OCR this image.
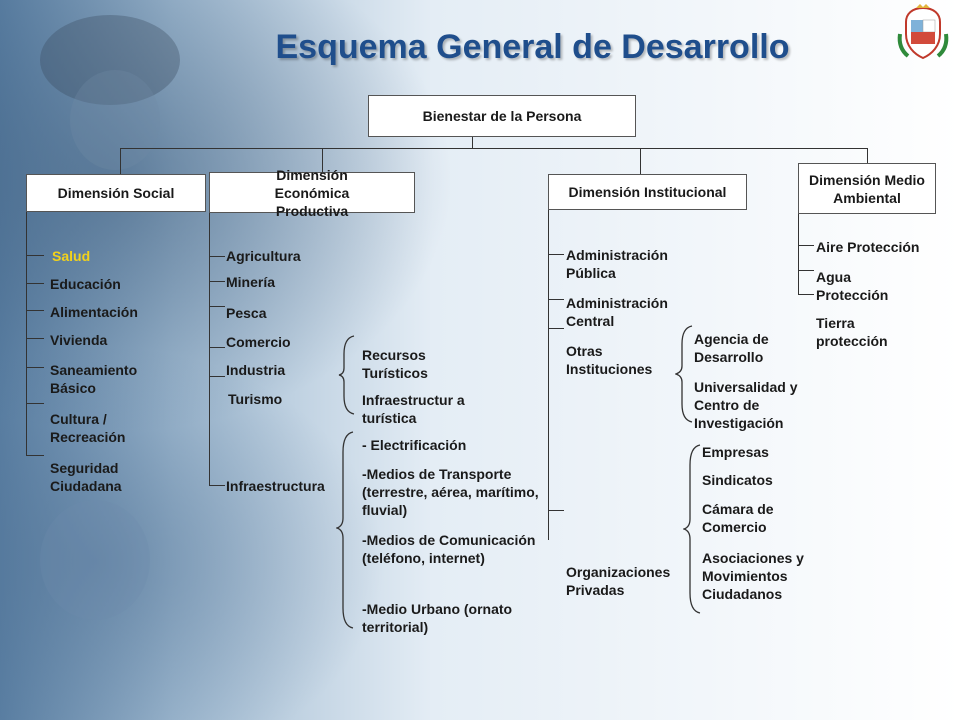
Esquema General de Desarrollo
Bienestar de la Persona
Dimensión Social
Dimensión Económica Productiva
Dimensión Institucional
Dimensión Medio Ambiental
Salud
Educación
Alimentación
Vivienda
Saneamiento Básico
Cultura / Recreación
Seguridad Ciudadana
Agricultura
Minería
Pesca
Comercio
Industria
Turismo
Infraestructura
Recursos Turísticos
Infraestructur a turística
- Electrificación
-Medios de Transporte (terrestre, aérea, marítimo, fluvial)
-Medios de Comunicación (teléfono, internet)
-Medio Urbano (ornato territorial)
Administración Pública
Administración Central
Otras Instituciones
Organizaciones Privadas
Agencia de Desarrollo
Universalidad y Centro de Investigación
Empresas
Sindicatos
Cámara de Comercio
Asociaciones y Movimientos Ciudadanos
Aire Protección
Agua Protección
Tierra protección
